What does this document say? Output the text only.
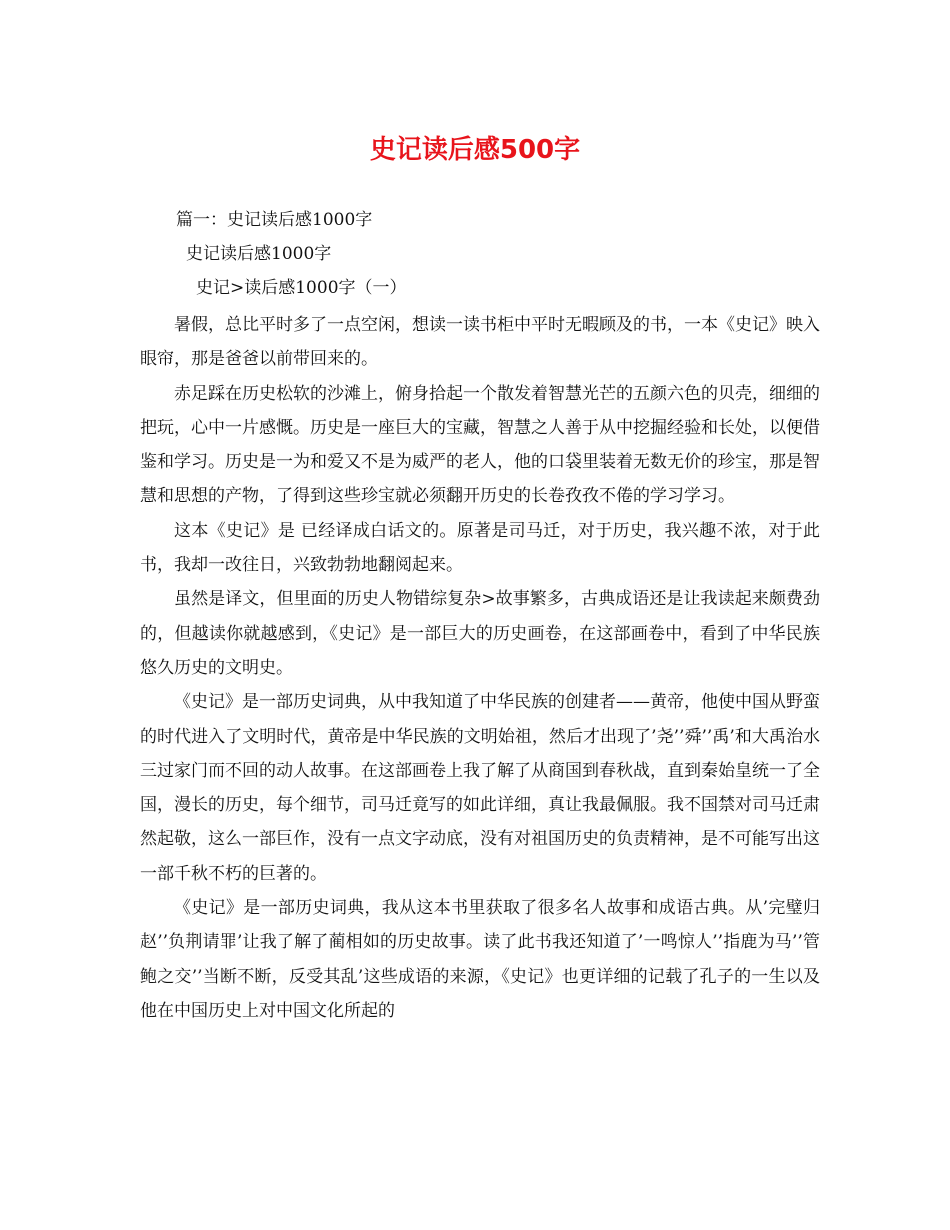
史记读后感500字

篇一：史记读后感1000字

史记读后感1000字

史记>读后感1000字（一）

暑假，总比平时多了一点空闲，想读一读书柜中平时无暇顾及的书，一本《史记》映入眼帘，那是爸爸以前带回来的。

赤足踩在历史松软的沙滩上，俯身拾起一个散发着智慧光芒的五颜六色的贝壳，细细的把玩，心中一片感慨。历史是一座巨大的宝藏，智慧之人善于从中挖掘经验和长处，以便借鉴和学习。历史是一为和爱又不是为威严的老人，他的口袋里装着无数无价的珍宝，那是智慧和思想的产物，了得到这些珍宝就必须翻开历史的长卷孜孜不倦的学习学习。

这本《史记》是 已经译成白话文的。原著是司马迁，对于历史，我兴趣不浓，对于此书，我却一改往日，兴致勃勃地翻阅起来。

虽然是译文，但里面的历史人物错综复杂>故事繁多，古典成语还是让我读起来颇费劲的，但越读你就越感到，《史记》是一部巨大的历史画卷，在这部画卷中，看到了中华民族悠久历史的文明史。

《史记》是一部历史词典，从中我知道了中华民族的创建者——黄帝，他使中国从野蛮的时代进入了文明时代，黄帝是中华民族的文明始祖，然后才出现了’尧’’舜’’禹’和大禹治水三过家门而不回的动人故事。在这部画卷上我了解了从商国到春秋战，直到秦始皇统一了全国，漫长的历史，每个细节，司马迁竟写的如此详细，真让我最佩服。我不国禁对司马迁肃然起敬，这么一部巨作，没有一点文字动底，没有对祖国历史的负责精神，是不可能写出这一部千秋不朽的巨著的。

《史记》是一部历史词典，我从这本书里获取了很多名人故事和成语古典。从’完璧归赵’’负荆请罪’让我了解了蔺相如的历史故事。读了此书我还知道了’一鸣惊人’’指鹿为马’’管鲍之交’’当断不断，反受其乱’这些成语的来源，《史记》也更详细的记载了孔子的一生以及他在中国历史上对中国文化所起的
